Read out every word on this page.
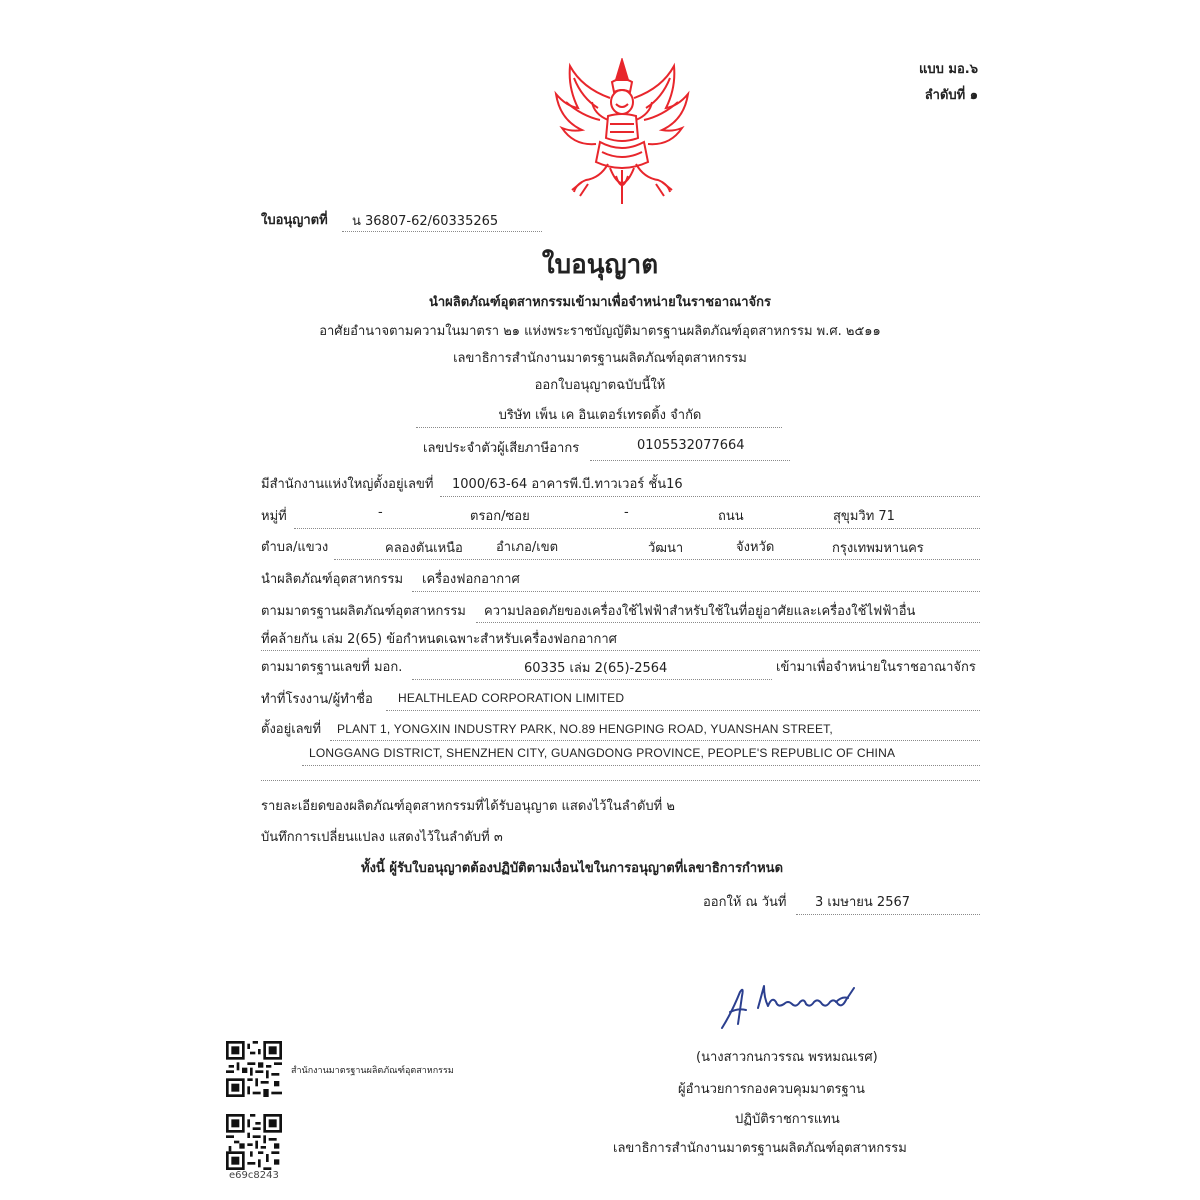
แบบ มอ.๖
ลำดับที่ ๑
ใบอนุญาตที่ น 36807-62/60335265
ใบอนุญาต
นำผลิตภัณฑ์อุตสาหกรรมเข้ามาเพื่อจำหน่ายในราชอาณาจักร
อาศัยอำนาจตามความในมาตรา ๒๑ แห่งพระราชบัญญัติมาตรฐานผลิตภัณฑ์อุตสาหกรรม พ.ศ. ๒๕๑๑
เลขาธิการสำนักงานมาตรฐานผลิตภัณฑ์อุตสาหกรรม
ออกใบอนุญาตฉบับนี้ให้
บริษัท เพ็น เค อินเตอร์เทรดดิ้ง จำกัด
เลขประจำตัวผู้เสียภาษีอากร	0105532077664
มีสำนักงานแห่งใหญ่ตั้งอยู่เลขที่ 1000/63-64 อาคารพี.บี.ทาวเวอร์ ชั้น16
หมู่ที่	-	ตรอก/ซอย	-	ถนน	สุขุมวิท 71
ตำบล/แขวง	คลองตันเหนือ	อำเภอ/เขต	วัฒนา	จังหวัด	กรุงเทพมหานคร
นำผลิตภัณฑ์อุตสาหกรรม เครื่องฟอกอากาศ
ตามมาตรฐานผลิตภัณฑ์อุตสาหกรรม ความปลอดภัยของเครื่องใช้ไฟฟ้าสำหรับใช้ในที่อยู่อาศัยและเครื่องใช้ไฟฟ้าอื่น
ที่คล้ายกัน เล่ม 2(65) ข้อกำหนดเฉพาะสำหรับเครื่องฟอกอากาศ
ตามมาตรฐานเลขที่ มอก.	60335 เล่ม 2(65)-2564	เข้ามาเพื่อจำหน่ายในราชอาณาจักร
ทำที่โรงงาน/ผู้ทำชื่อ HEALTHLEAD CORPORATION LIMITED
ตั้งอยู่เลขที่ PLANT 1, YONGXIN INDUSTRY PARK, NO.89 HENGPING ROAD, YUANSHAN STREET,
LONGGANG DISTRICT, SHENZHEN CITY, GUANGDONG PROVINCE, PEOPLE'S REPUBLIC OF CHINA
รายละเอียดของผลิตภัณฑ์อุตสาหกรรมที่ได้รับอนุญาต แสดงไว้ในลำดับที่ ๒
บันทึกการเปลี่ยนแปลง แสดงไว้ในลำดับที่ ๓
ทั้งนี้ ผู้รับใบอนุญาตต้องปฏิบัติตามเงื่อนไขในการอนุญาตที่เลขาธิการกำหนด
ออกให้ ณ วันที่ 3 เมษายน 2567
(นางสาวกนกวรรณ พรหมณเรศ)
ผู้อำนวยการกองควบคุมมาตรฐาน
ปฏิบัติราชการแทน
เลขาธิการสำนักงานมาตรฐานผลิตภัณฑ์อุตสาหกรรม
สำนักงานมาตรฐานผลิตภัณฑ์อุตสาหกรรม
e69c8243
